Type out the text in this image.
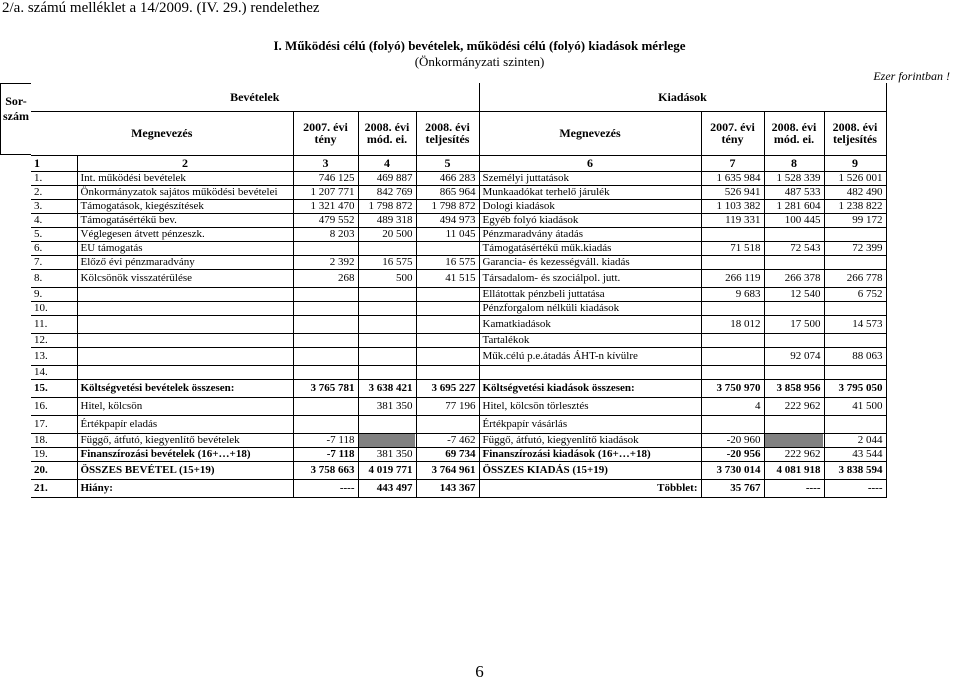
2/a. számú melléklet a 14/2009. (IV. 29.) rendelethez
I. Működési célú (folyó) bevételek, működési célú (folyó) kiadások mérlege
(Önkormányzati szinten)
Ezer forintban !
Sor-
szám
Bevételek					Kiadások			
Megnevezés		2007. évi tény	2008. évi mód. ei.	2008. évi teljesítés	Megnevezés	2007. évi tény	2008. évi mód. ei.	2008. évi teljesítés
1	2	3	4	5	6	7	8	9
1.	Int. működési bevételek	746 125	469 887	466 283	Személyi juttatások	1 635 984	1 528 339	1 526 001
2.	Önkormányzatok sajátos működési bevételei	1 207 771	842 769	865 964	Munkaadókat terhelő járulék	526 941	487 533	482 490
3.	Támogatások, kiegészítések	1 321 470	1 798 872	1 798 872	Dologi kiadások	1 103 382	1 281 604	1 238 822
4.	Támogatásértékű bev.	479 552	489 318	494 973	Egyéb folyó kiadások	119 331	100 445	99 172
5.	Véglegesen átvett pénzeszk.	8 203	20 500	11 045	Pénzmaradvány átadás			
6.	EU támogatás				Támogatásértékű műk.kiadás	71 518	72 543	72 399
7.	Előző évi pénzmaradvány	2 392	16 575	16 575	Garancia- és kezességváll. kiadás			
8.	Kölcsönök visszatérülése	268	500	41 515	Társadalom- és szociálpol. jutt.	266 119	266 378	266 778
9.					Ellátottak pénzbeli juttatása	9 683	12 540	6 752
10.					Pénzforgalom nélküli kiadások			
11.					Kamatkiadások	18 012	17 500	14 573
12.					Tartalékok			
13.					Műk.célú p.e.átadás ÁHT-n kívülre		92 074	88 063
14.								
15.	Költségvetési bevételek összesen:	3 765 781	3 638 421	3 695 227	Költségvetési kiadások összesen:	3 750 970	3 858 956	3 795 050
16.	Hitel, kölcsön		381 350	77 196	Hitel, kölcsön törlesztés	4	222 962	41 500
17.	Értékpapír eladás				Értékpapír vásárlás			
18.	Függő, átfutó, kiegyenlítő bevételek	-7 118		-7 462	Függő, átfutó, kiegyenlítő kiadások	-20 960		2 044
19.	Finanszírozási bevételek (16+…+18)	-7 118	381 350	69 734	Finanszírozási kiadások (16+…+18)	-20 956	222 962	43 544
20.	ÖSSZES BEVÉTEL (15+19)	3 758 663	4 019 771	3 764 961	ÖSSZES KIADÁS (15+19)	3 730 014	4 081 918	3 838 594
21.	Hiány:	----	443 497	143 367	Többlet:	35 767	----	----
6
